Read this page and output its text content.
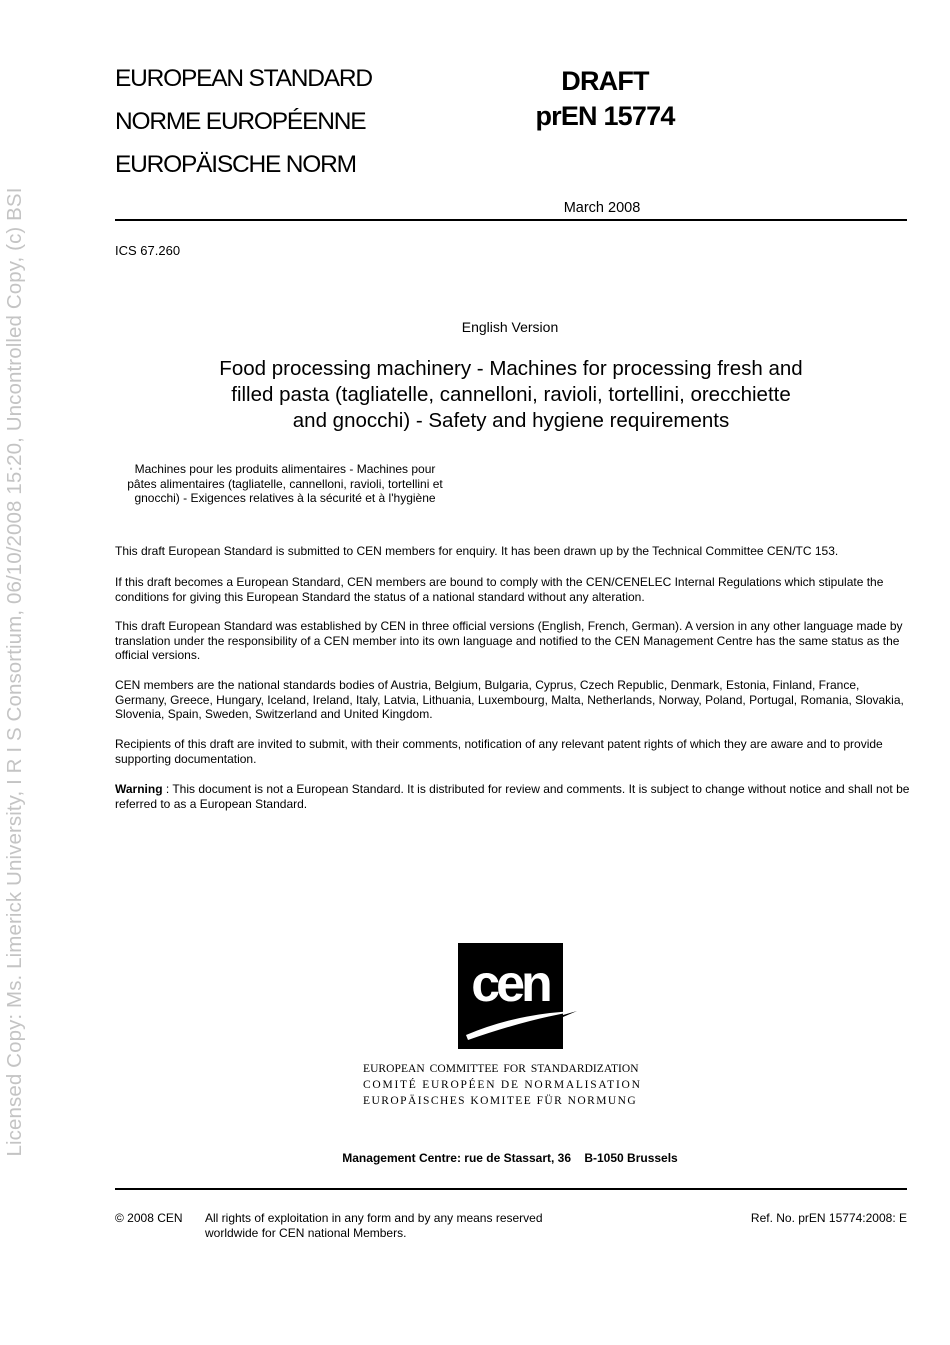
Licensed Copy: Ms. Limerick University, I R I S Consortium, 06/10/2008 15:20, Uncontrolled Copy, (c) BSI
EUROPEAN STANDARD
NORME EUROPÉENNE
EUROPÄISCHE NORM
DRAFT
prEN 15774
March 2008
ICS 67.260
English Version
Food processing machinery - Machines for processing fresh and
filled pasta (tagliatelle, cannelloni, ravioli, tortellini, orecchiette
and gnocchi) - Safety and hygiene requirements
Machines pour les produits alimentaires - Machines pour
pâtes alimentaires (tagliatelle, cannelloni, ravioli, tortellini et
gnocchi) - Exigences relatives à la sécurité et à l'hygiène
This draft European Standard is submitted to CEN members for enquiry. It has been drawn up by the Technical Committee CEN/TC 153.
If this draft becomes a European Standard, CEN members are bound to comply with the CEN/CENELEC Internal Regulations which stipulate the conditions for giving this European Standard the status of a national standard without any alteration.
This draft European Standard was established by CEN in three official versions (English, French, German). A version in any other language made by translation under the responsibility of a CEN member into its own language and notified to the CEN Management Centre has the same status as the official versions.
CEN members are the national standards bodies of Austria, Belgium, Bulgaria, Cyprus, Czech Republic, Denmark, Estonia, Finland, France, Germany, Greece, Hungary, Iceland, Ireland, Italy, Latvia, Lithuania, Luxembourg, Malta, Netherlands, Norway, Poland, Portugal, Romania, Slovakia, Slovenia, Spain, Sweden, Switzerland and United Kingdom.
Recipients of this draft are invited to submit, with their comments, notification of any relevant patent rights of which they are aware and to provide supporting documentation.
Warning : This document is not a European Standard. It is distributed for review and comments. It is subject to change without notice and shall not be referred to as a European Standard.
cen
EUROPEAN COMMITTEE FOR STANDARDIZATION
COMITÉ EUROPÉEN DE NORMALISATION
EUROPÄISCHES KOMITEE FÜR NORMUNG
Management Centre: rue de Stassart, 36    B-1050 Brussels
© 2008 CEN All rights of exploitation in any form and by any means reserved
worldwide for CEN national Members.
Ref. No. prEN 15774:2008: E
